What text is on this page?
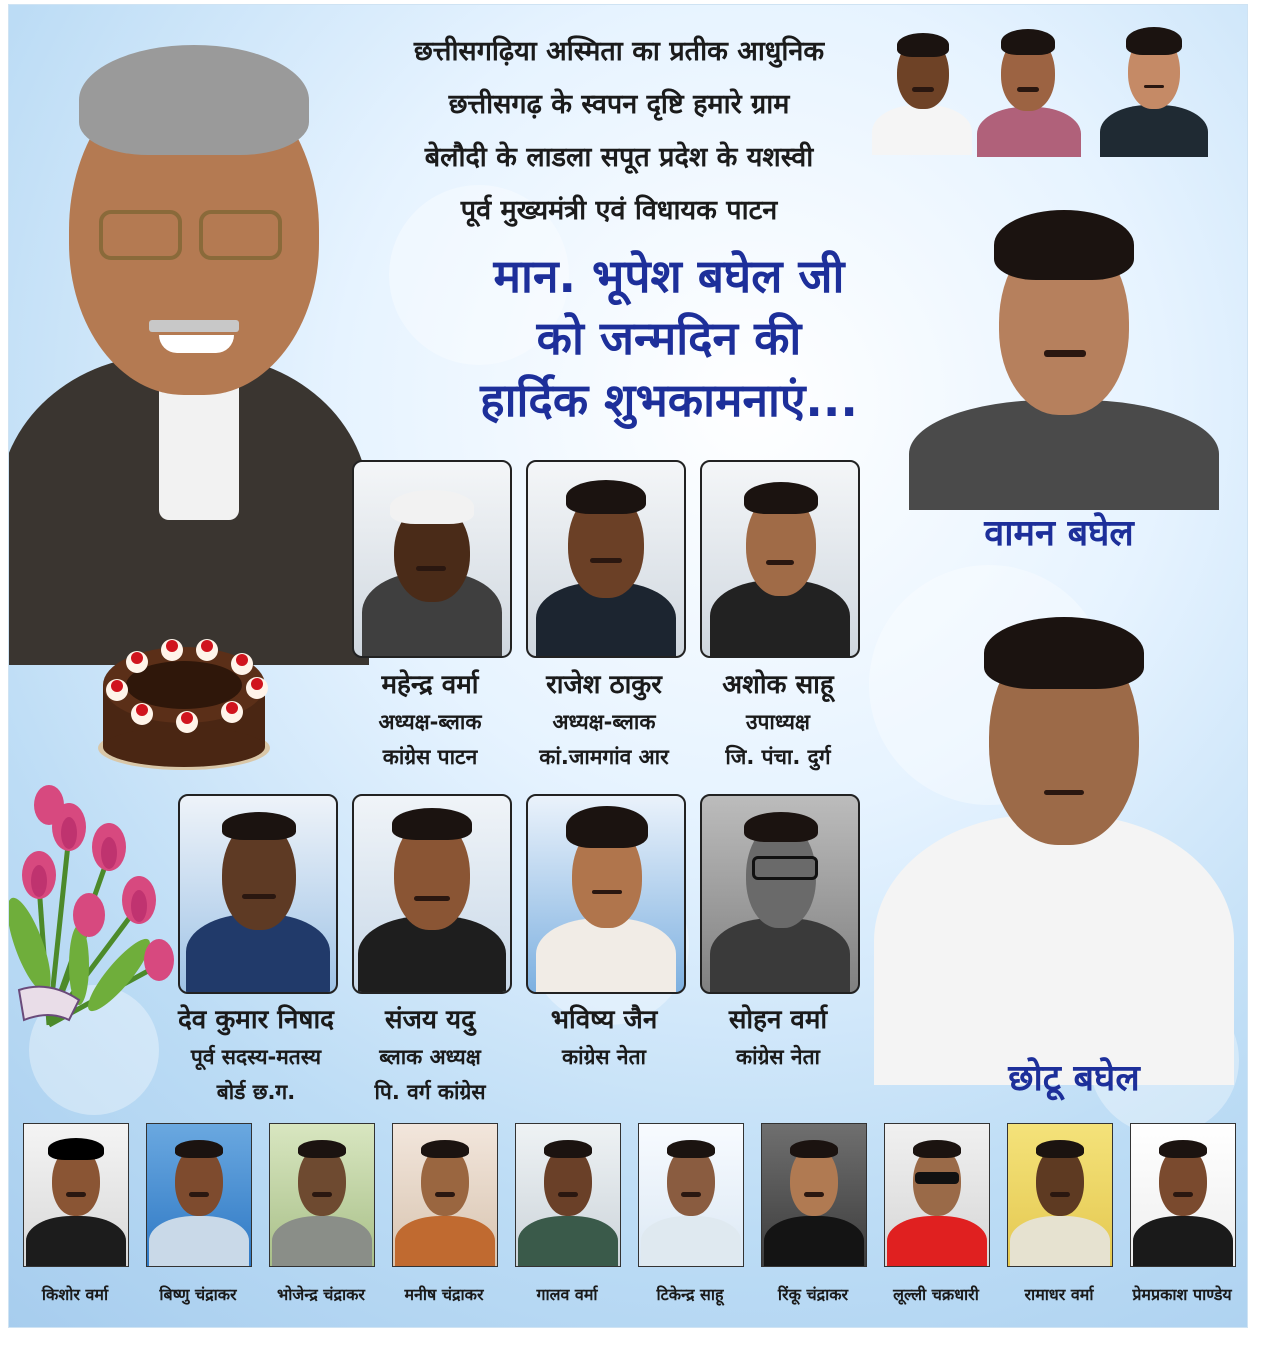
छत्तीसगढ़िया अस्मिता का प्रतीक आधुनिक
छत्तीसगढ़ के स्वपन दृष्टि हमारे ग्राम
बेलौदी के लाडला सपूत प्रदेश के यशस्वी
पूर्व मुख्यमंत्री एवं विधायक पाटन
मान. भूपेश बघेल जी
को जन्मदिन की
हार्दिक शुभकामनाएं...
वामन बघेल
छोटू बघेल
महेन्द्र वर्मा	राजेश ठाकुर	अशोक साहू
अध्यक्ष-ब्लाक
कांग्रेस पाटन
अध्यक्ष-ब्लाक
कां.जामगांव आर
उपाध्यक्ष
जि. पंचा. दुर्ग
देव कुमार निषाद	संजय यदु	भविष्य जैन	सोहन वर्मा
पूर्व सदस्य-मतस्य
बोर्ड छ.ग.
ब्लाक अध्यक्ष
पि. वर्ग कांग्रेस
कांग्रेस नेता	कांग्रेस नेता
किशोर वर्मा	बिष्णु चंद्राकर	भोजेन्द्र चंद्राकर	मनीष चंद्राकर	गालव वर्मा	टिकेन्द्र साहू	रिंकू चंद्राकर	लूल्ली चक्रधारी	रामाधर वर्मा	प्रेमप्रकाश पाण्डेय
